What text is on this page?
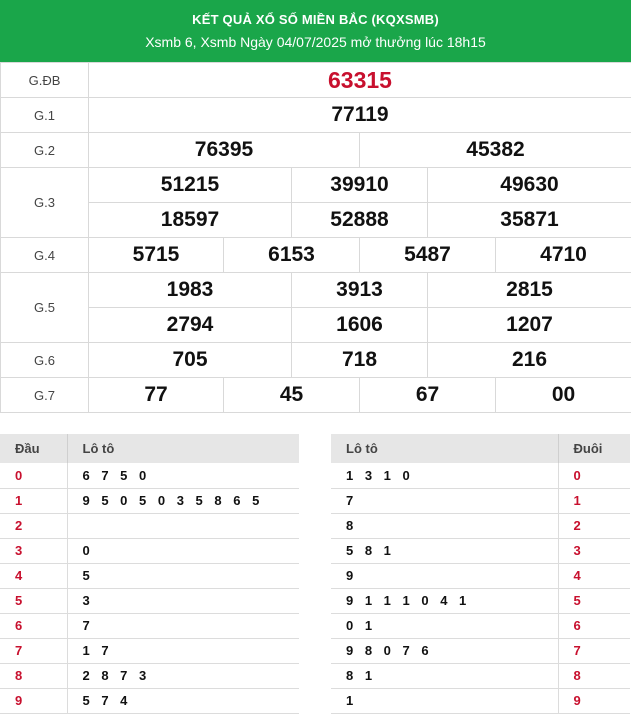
KẾT QUẢ XỔ SỐ MIỀN BẮC (KQXSMB)
Xsmb 6, Xsmb Ngày 04/07/2025 mở thưởng lúc 18h15
G.ĐB	63315					
G.1	77119					
G.2	76395			45382		
G.3	51215		39910		49630	
	18597		52888		35871	
G.4	5715	6153		5487		4710
G.5	1983		3913		2815	
	2794		1606		1207	
G.6	705		718		216	
G.7	77	45		67		00
Đầu	Lô tô
0	6 7 5 0
1	9 5 0 5 0 3 5 8 6 5
2	
3	0
4	5
5	3
6	7
7	1 7
8	2 8 7 3
9	5 7 4
Lô tô	Đuôi
1 3 1 0	0
7	1
8	2
5 8 1	3
9	4
9 1 1 1 0 4 1	5
0 1	6
9 8 0 7 6	7
8 1	8
1	9
